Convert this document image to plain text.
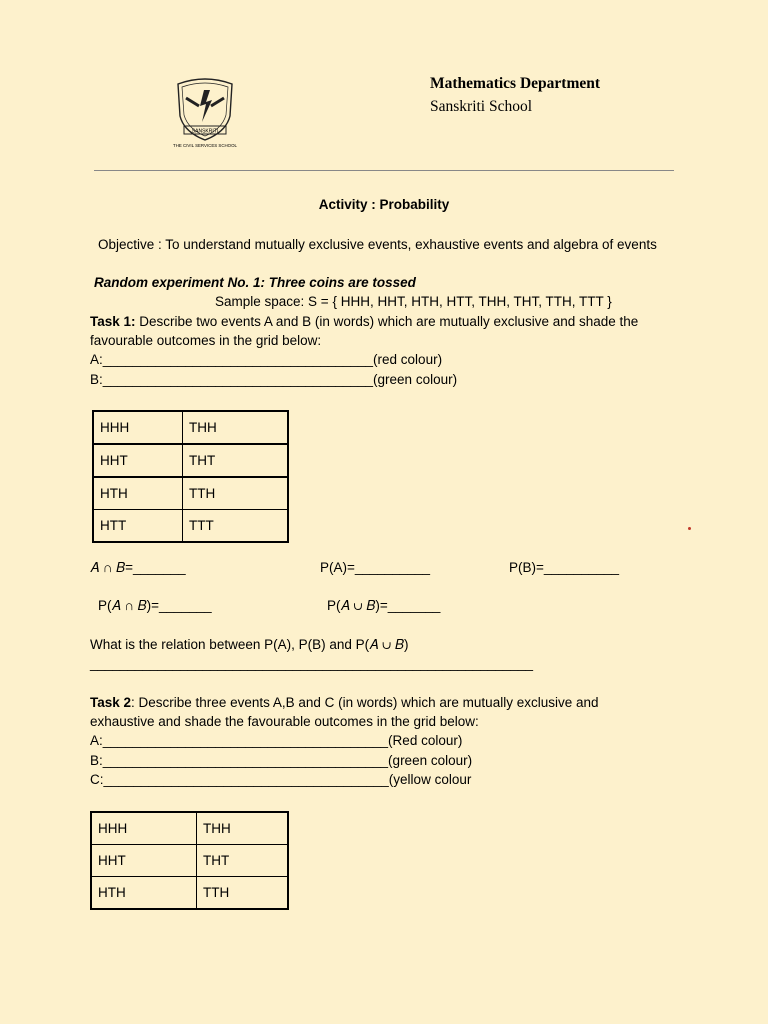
SANSKRITI
THE CIVIL SERVICES SCHOOL
Mathematics Department
Sanskriti School
Activity : Probability
Objective : To understand mutually exclusive events, exhaustive events and algebra of events
Random experiment No. 1: Three coins are tossed
Sample space: S = { HHH, HHT, HTH, HTT, THH, THT, TTH, TTT }
Task 1: Describe two events A and B (in words) which are mutually exclusive and shade the
favourable outcomes in the grid below:
A:____________________________________(red colour)
B:____________________________________(green colour)
HHH	THH
HHT	THT
HTH	TTH
HTT	TTT
𝐴 ∩ 𝐵=_______	P(A)=__________	P(B)=__________
P(𝐴 ∩ 𝐵)=_______	P(𝐴 ∪ 𝐵)=_______
What is the relation between P(A), P(B) and P(𝐴 ∪ 𝐵)
___________________________________________________________
Task 2: Describe three events A,B and C (in words) which are mutually exclusive and
exhaustive and shade the favourable outcomes in the grid below:
A:______________________________________(Red colour)
B:______________________________________(green colour)
C:______________________________________(yellow colour
HHH	THH
HHT	THT
HTH	TTH
